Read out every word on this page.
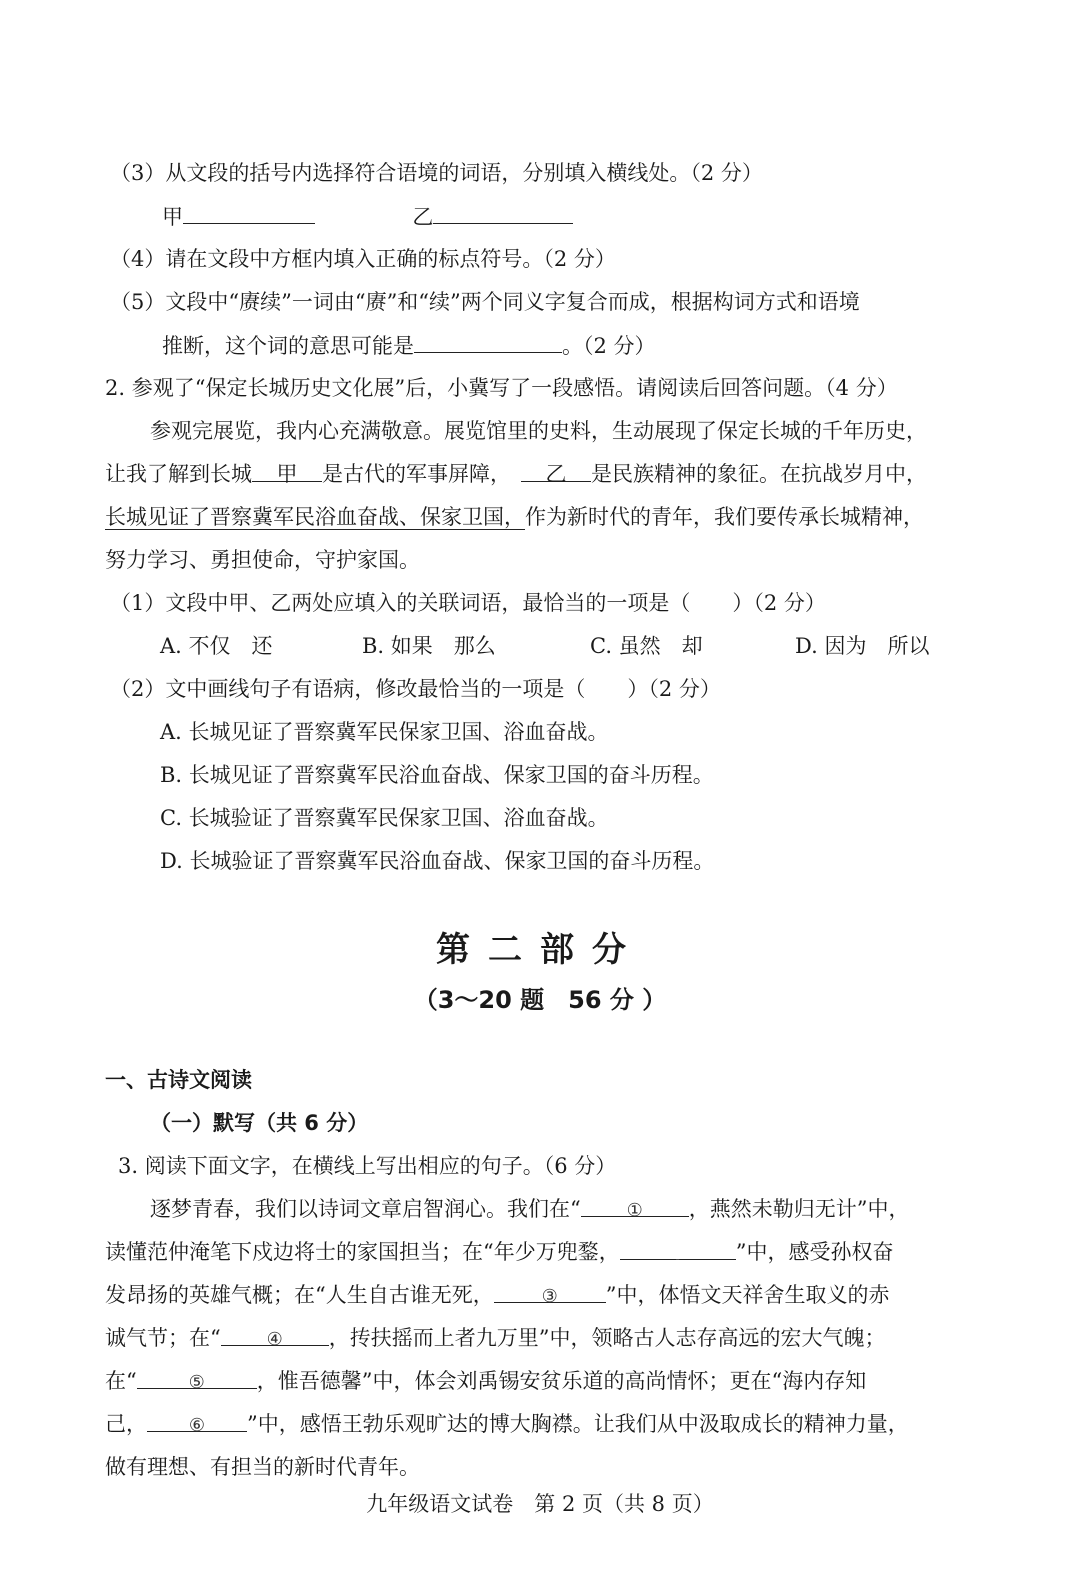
（3）从文段的括号内选择符合语境的词语，分别填入横线处。（2 分）
甲	乙
（4）请在文段中方框内填入正确的标点符号。（2 分）
（5）文段中“赓续”一词由“赓”和“续”两个同义字复合而成，根据构词方式和语境
推断，这个词的意思可能是	。（2 分）
2. 参观了“保定长城历史文化展”后，小冀写了一段感悟。请阅读后回答问题。（4 分）
参观完展览，我内心充满敬意。展览馆里的史料，生动展现了保定长城的千年历史，
让我了解到长城 甲 是古代的军事屏障， 乙 是民族精神的象征。在抗战岁月中，
长城见证了晋察冀军民浴血奋战、保家卫国，作为新时代的青年，我们要传承长城精神，
努力学习、勇担使命，守护家国。
（1）文段中甲、乙两处应填入的关联词语，最恰当的一项是（　　）（2 分）
A. 不仅　还	B. 如果　那么	C. 虽然　却	D. 因为　所以
（2）文中画线句子有语病，修改最恰当的一项是（　　）（2 分）
A. 长城见证了晋察冀军民保家卫国、浴血奋战。
B. 长城见证了晋察冀军民浴血奋战、保家卫国的奋斗历程。
C. 长城验证了晋察冀军民保家卫国、浴血奋战。
D. 长城验证了晋察冀军民浴血奋战、保家卫国的奋斗历程。
第二部分
（3～20 题　56 分 ）
一、古诗文阅读
（一）默写（共 6 分）
3. 阅读下面文字，在横线上写出相应的句子。（6 分）
逐梦青春，我们以诗词文章启智润心。我们在“	① ，燕然未勒归无计”中，
读懂范仲淹笔下戍边将士的家国担当；在“年少万兜鍪，	② ”中，感受孙权奋
发昂扬的英雄气概；在“人生自古谁无死，	③ ”中，体悟文天祥舍生取义的赤
诚气节；在“	④ ，抟扶摇而上者九万里”中，领略古人志存高远的宏大气魄；
在“	⑤ ，惟吾德馨”中，体会刘禹锡安贫乐道的高尚情怀；更在“海内存知
己， ⑥ ”中，感悟王勃乐观旷达的博大胸襟。让我们从中汲取成长的精神力量，
做有理想、有担当的新时代青年。
九年级语文试卷　第 2 页（共 8 页）
